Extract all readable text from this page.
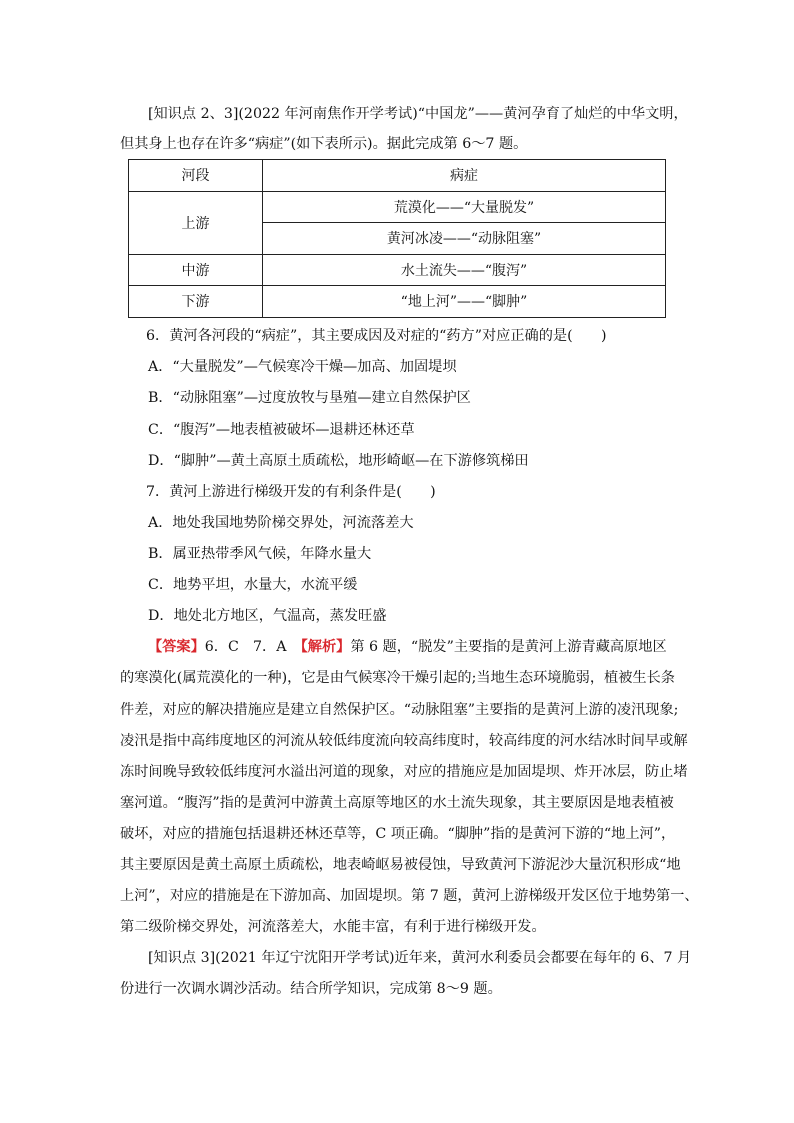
[知识点 2、3](2022 年河南焦作开学考试)“中国龙”——黄河孕育了灿烂的中华文明，
但其身上也存在许多“病症”(如下表所示)。据此完成第 6～7 题。
河段	病症
上游	荒漠化——“大量脱发”
	黄河冰凌——“动脉阻塞”
中游	水土流失——“腹泻”
下游	“地上河”——“脚肿”
6．黄河各河段的“病症”，其主要成因及对症的“药方”对应正确的是(　　)
A．“大量脱发”—气候寒冷干燥—加高、加固堤坝
B．“动脉阻塞”—过度放牧与垦殖—建立自然保护区
C．“腹泻”—地表植被破坏—退耕还林还草
D．“脚肿”—黄土高原土质疏松，地形崎岖—在下游修筑梯田
7．黄河上游进行梯级开发的有利条件是(　　)
A．地处我国地势阶梯交界处，河流落差大
B．属亚热带季风气候，年降水量大
C．地势平坦，水量大，水流平缓
D．地处北方地区，气温高，蒸发旺盛
【答案】6．C　7．A　【解析】第 6 题，“脱发”主要指的是黄河上游青藏高原地区
的寒漠化(属荒漠化的一种)，它是由气候寒冷干燥引起的;当地生态环境脆弱，植被生长条
件差，对应的解决措施应是建立自然保护区。“动脉阻塞”主要指的是黄河上游的凌汛现象;
凌汛是指中高纬度地区的河流从较低纬度流向较高纬度时，较高纬度的河水结冰时间早或解
冻时间晚导致较低纬度河水溢出河道的现象，对应的措施应是加固堤坝、炸开冰层，防止堵
塞河道。“腹泻”指的是黄河中游黄土高原等地区的水土流失现象，其主要原因是地表植被
破坏，对应的措施包括退耕还林还草等，C 项正确。“脚肿”指的是黄河下游的“地上河”，
其主要原因是黄土高原土质疏松，地表崎岖易被侵蚀，导致黄河下游泥沙大量沉积形成“地
上河”，对应的措施是在下游加高、加固堤坝。第 7 题，黄河上游梯级开发区位于地势第一、
第二级阶梯交界处，河流落差大，水能丰富，有利于进行梯级开发。
[知识点 3](2021 年辽宁沈阳开学考试)近年来，黄河水利委员会都要在每年的 6、7 月
份进行一次调水调沙活动。结合所学知识，完成第 8～9 题。
